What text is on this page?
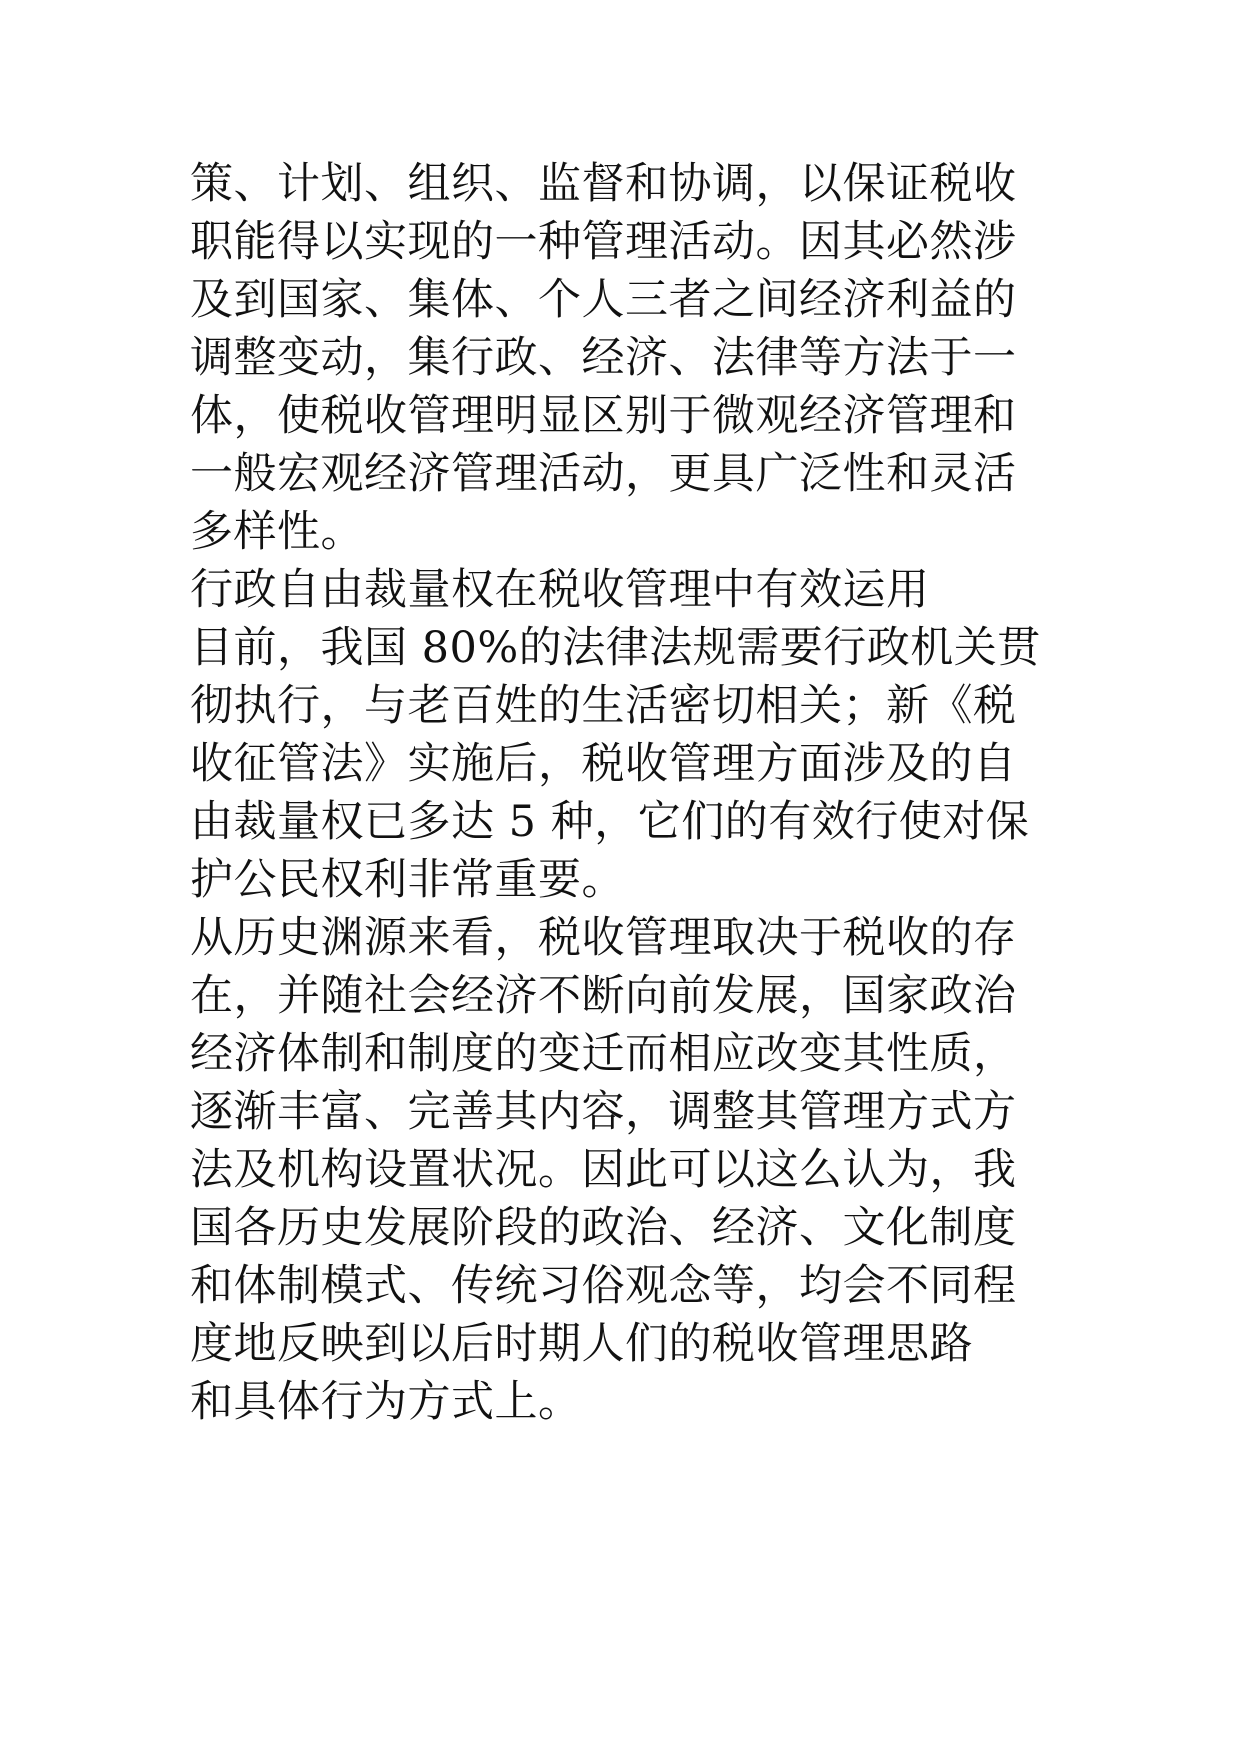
策、计划、组织、监督和协调，以保证税收
职能得以实现的一种管理活动。因其必然涉
及到国家、集体、个人三者之间经济利益的
调整变动，集行政、经济、法律等方法于一
体，使税收管理明显区别于微观经济管理和
一般宏观经济管理活动，更具广泛性和灵活
多样性。
行政自由裁量权在税收管理中有效运用
目前，我国 80%的法律法规需要行政机关贯
彻执行，与老百姓的生活密切相关；新《税
收征管法》实施后，税收管理方面涉及的自
由裁量权已多达 5 种，它们的有效行使对保
护公民权利非常重要。
从历史渊源来看，税收管理取决于税收的存
在，并随社会经济不断向前发展，国家政治
经济体制和制度的变迁而相应改变其性质，
逐渐丰富、完善其内容，调整其管理方式方
法及机构设置状况。因此可以这么认为，我
国各历史发展阶段的政治、经济、文化制度
和体制模式、传统习俗观念等，均会不同程
度地反映到以后时期人们的税收管理思路
和具体行为方式上。
